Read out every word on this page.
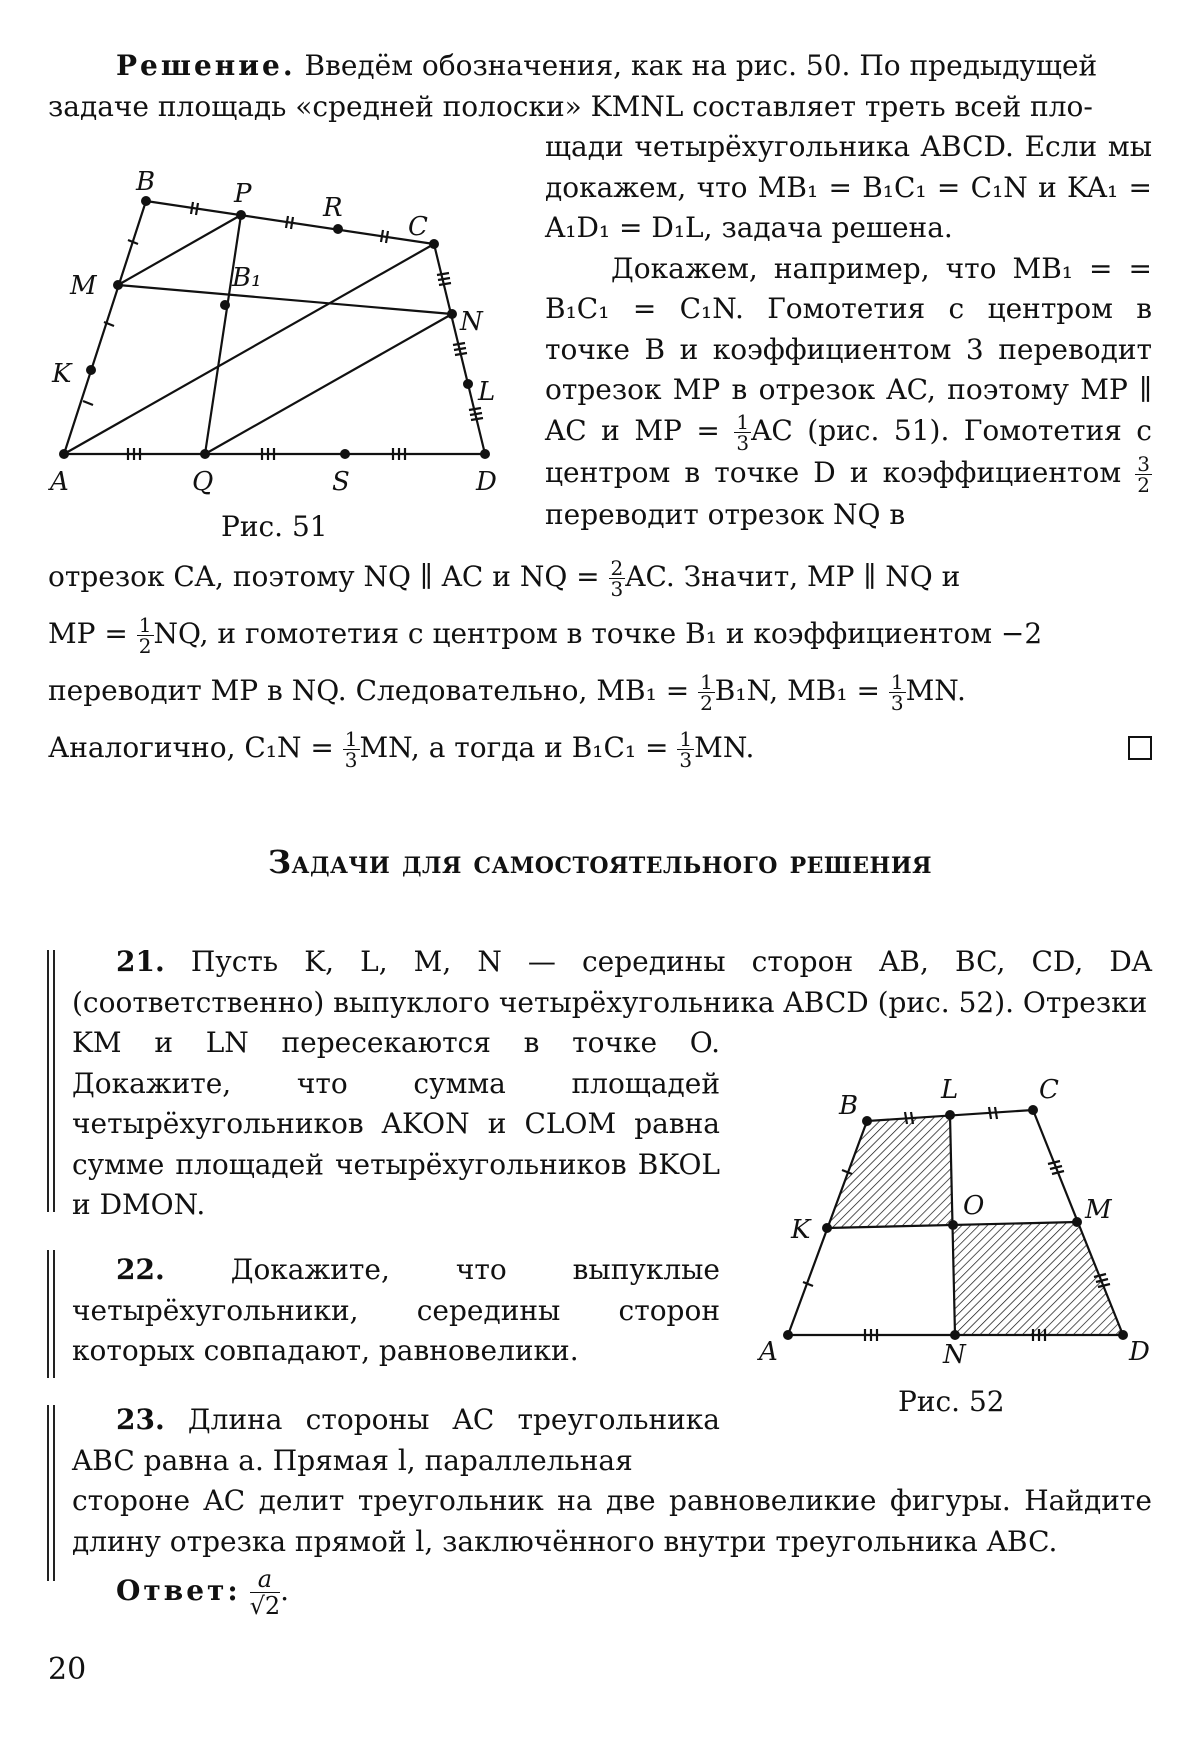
Решение. Введём обозначения, как на рис. 50. По предыдущей

задаче площадь «средней полоски» KMNL составляет треть всей пло-

щади четырёхугольника ABCD. Если мы докажем, что MB₁ = B₁C₁ = C₁N и KA₁ = A₁D₁ = D₁L, задача решена.
Докажем, например, что MB₁ = = B₁C₁ = C₁N. Гомотетия с центром в точке B и коэффициентом 3 переводит отрезок MP в отрезок AC, поэтому MP ∥ AC и MP = $\frac{1}{3}$ AC (рис. 51). Гомотетия с центром в точке D и коэффициентом $\frac{3}{2}$
переводит отрезок NQ в

B	P	R
C
M	B₁
N
K
L
A	Q	S	D
Рис. 51

отрезок CA, поэтому NQ ∥ AC и NQ = $\frac{2}{3}$ AC. Значит, MP ∥ NQ и

MP = $\frac{1}{2}$ NQ, и гомотетия с центром в точке B₁ и коэффициентом −2

переводит MP в NQ. Следовательно, $MB_1 = \frac{1}{2} B_1N$, $MB_1 = \frac{1}{3}$ MN.

Аналогично, $C_1N = \frac{1}{3}$ MN, а тогда и $B_1C_1 = \frac{1}{3}$ MN.

Задачи для самостоятельного решения

21. Пусть K, L, M, N — середины сторон AB, BC, CD, DA (соответственно) выпуклого четырёхугольника ABCD (рис. 52). Отрезки

KM и LN пересекаются в точке O. Докажите, что сумма площадей четырёхугольников AKON и CLOM равна сумме площадей четырёхугольников BKOL и DMON.

B
L	C
O	M
K
A	N	D
Рис. 52

22. Докажите, что выпуклые четырёхугольники, середины сторон которых совпадают, равновелики.

23. Длина стороны AC треугольника ABC равна a. Прямая l, параллельная

стороне AC делит треугольник на две равновеликие фигуры. Найдите длину отрезка прямой l, заключённого внутри треугольника ABC.

Ответ: $\frac{a}{√2}$ .

20
